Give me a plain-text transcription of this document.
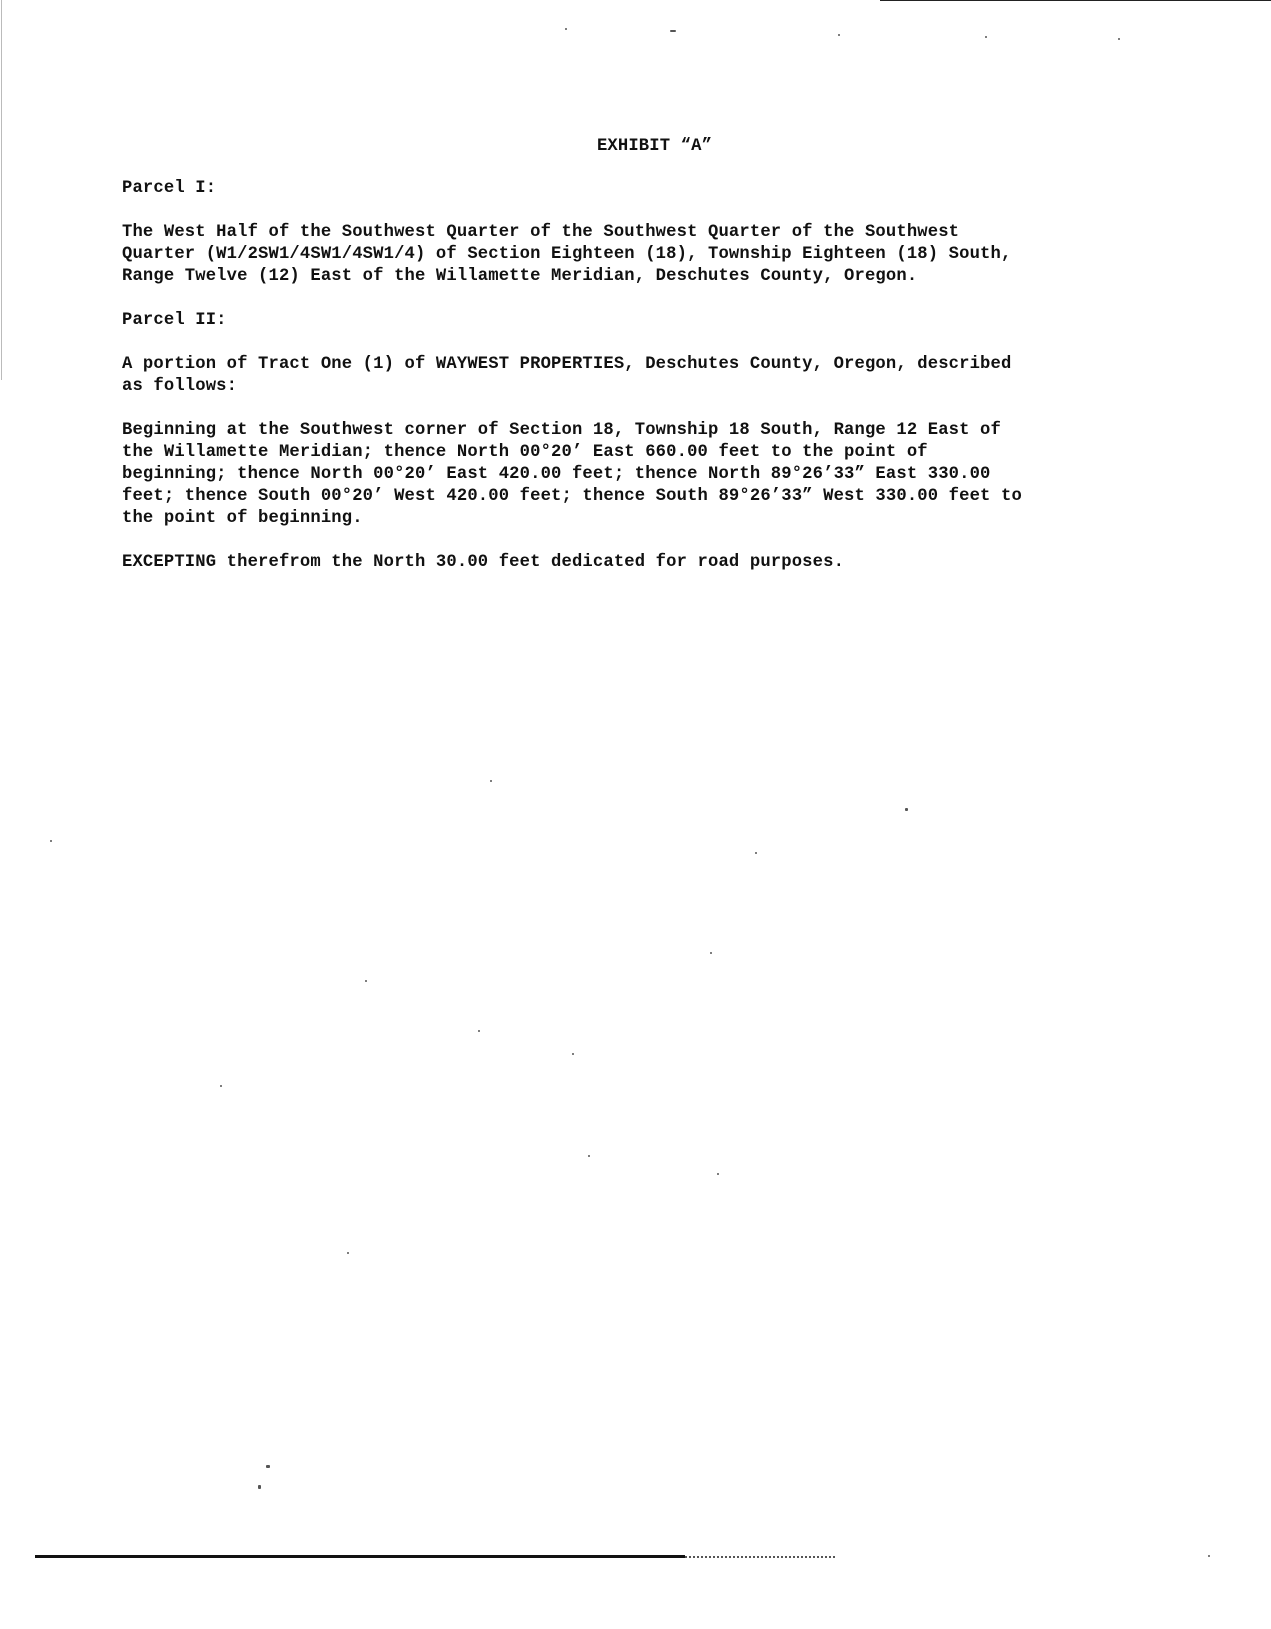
EXHIBIT “A”
Parcel I:
The West Half of the Southwest Quarter of the Southwest Quarter of the Southwest
Quarter (W1/2SW1/4SW1/4SW1/4) of Section Eighteen (18), Township Eighteen (18) South,
Range Twelve (12) East of the Willamette Meridian, Deschutes County, Oregon.
Parcel II:
A portion of Tract One (1) of WAYWEST PROPERTIES, Deschutes County, Oregon, described
as follows:
Beginning at the Southwest corner of Section 18, Township 18 South, Range 12 East of
the Willamette Meridian; thence North 00°20’ East 660.00 feet to the point of
beginning; thence North 00°20’ East 420.00 feet; thence North 89°26’33” East 330.00
feet; thence South 00°20’ West 420.00 feet; thence South 89°26’33” West 330.00 feet to
the point of beginning.
EXCEPTING therefrom the North 30.00 feet dedicated for road purposes.
